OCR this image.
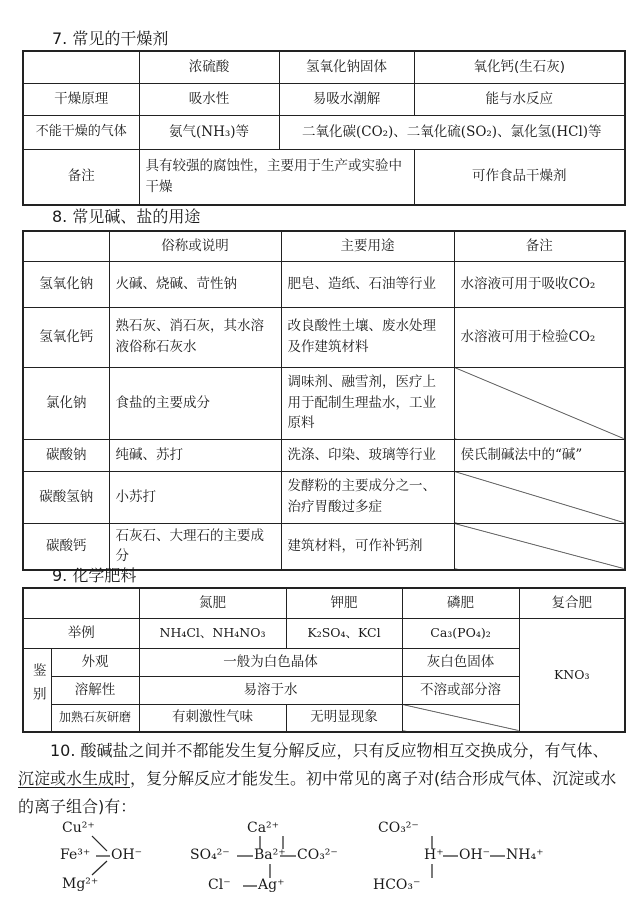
7. 常见的干燥剂
	浓硫酸	氢氧化钠固体	氧化钙(生石灰)
干燥原理	吸水性	易吸水潮解	能与水反应
不能干燥的气体	氨气(NH₃)等	二氧化碳(CO₂)、二氧化硫(SO₂)、氯化氢(HCl)等	
备注	具有较强的腐蚀性，主要用于生产或实验中干燥		可作食品干燥剂
8. 常见碱、盐的用途
	俗称或说明	主要用途	备注
氢氧化钠	火碱、烧碱、苛性钠	肥皂、造纸、石油等行业	水溶液可用于吸收CO₂
氢氧化钙	熟石灰、消石灰，其水溶液俗称石灰水	改良酸性土壤、废水处理及作建筑材料	水溶液可用于检验CO₂
氯化钠	食盐的主要成分	调味剂、融雪剂，医疗上用于配制生理盐水，工业原料	
碳酸钠	纯碱、苏打	洗涤、印染、玻璃等行业	侯氏制碱法中的“碱”
碳酸氢钠	小苏打	发酵粉的主要成分之一、治疗胃酸过多症	
碳酸钙	石灰石、大理石的主要成分	建筑材料，可作补钙剂	
9. 化学肥料
		氮肥	钾肥	磷肥	复合肥
举例		NH₄Cl、NH₄NO₃	K₂SO₄、KCl	Ca₃(PO₄)₂	KNO₃
鉴别	外观	一般为白色晶体		灰白色固体	
	溶解性	易溶于水		不溶或部分溶	
	加熟石灰研磨	有刺激性气味	无明显现象		
10. 酸碱盐之间并不都能发生复分解反应，只有反应物相互交换成分，有气体、沉淀或水生成时，复分解反应才能发生。初中常见的离子对(结合形成气体、沉淀或水的离子组合)有：
Cu²⁺
Fe³⁺ OH⁻
Mg²⁺
Ca²⁺
SO₄²⁻ Ba²⁺ CO₃²⁻
Cl⁻ Ag⁺
CO₃²⁻
H⁺ OH⁻ NH₄⁺
HCO₃⁻
